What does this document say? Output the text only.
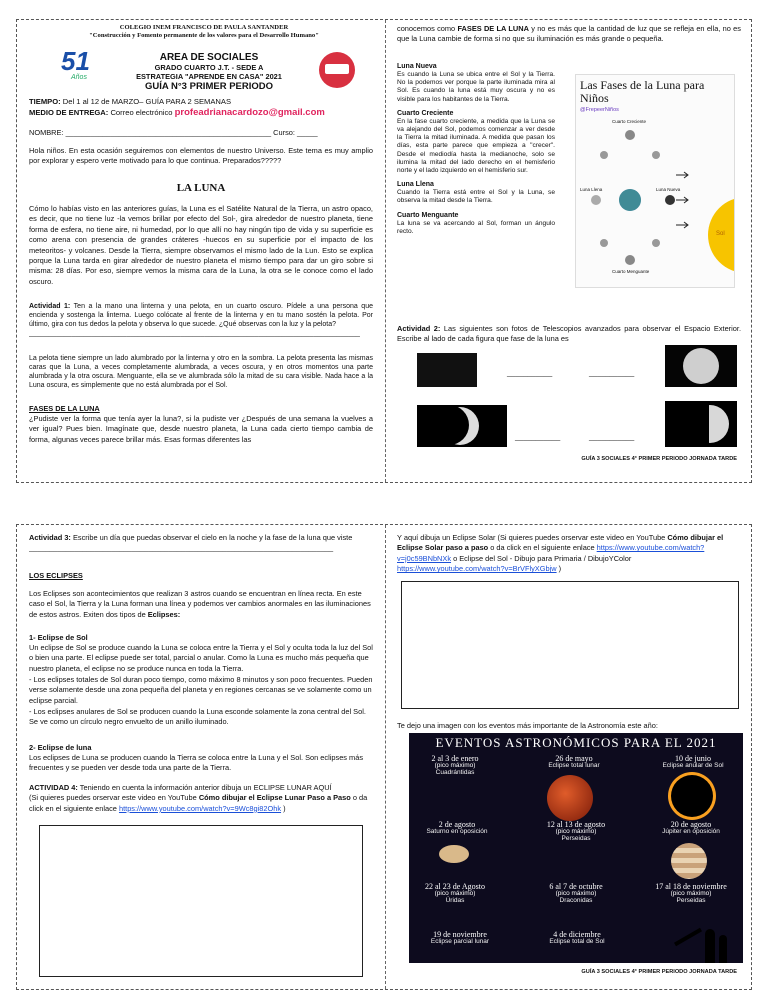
COLEGIO INEM FRANCISCO DE PAULA SANTANDER
"Construcción y Fomento permanente de los valores para el Desarrollo Humano"
51
Años
AREA DE SOCIALES
GRADO CUARTO J.T. - SEDE A
ESTRATEGIA "APRENDE EN CASA" 2021
GUÍA N°3 PRIMER PERIODO
TIEMPO: Del 1 al 12 de MARZO– GUÍA PARA 2 SEMANAS
MEDIO DE ENTREGA: Correo electrónico profeadrianacardozo@gmail.com
NOMBRE: __________________________________________________ Curso: _____

Hola niños. En esta ocasión seguiremos con elementos de nuestro Universo. Este tema es muy amplio por explorar y espero verte motivado para lo que continua. Preparados?????

LA LUNA

Cómo lo habías visto en las anteriores guías, la Luna es el Satélite Natural de la Tierra, un astro opaco, es decir, que no tiene luz -la vemos brillar por efecto del Sol-, gira alrededor de nuestro planeta, tiene forma de esfera, no tiene aire, ni humedad, por lo que allí no hay ningún tipo de vida y su superficie es como arena con presencia de grandes cráteres -huecos en su superficie por el impacto de los meteoritos- y volcanes. Desde la Tierra, siempre observamos el mismo lado de la Lun. Esto se explica porque la Luna tarda en girar alrededor de nuestro planeta el mismo tiempo para dar un giro sobre si misma: 28 días. Por eso, siempre vemos la misma cara de la Luna, la otra se le conoce como el lado oscuro.

Actividad 1: Ten a la mano una linterna y una pelota, en un cuarto oscuro. Pídele a una persona que encienda y sostenga la linterna. Luego colócate al frente de la linterna y en tu mano sostén la pelota. Por último, gira con tus dedos la pelota y observa lo que sucede. ¿Qué observas con la luz y la pelota?
_____________________________________________________________________________________

La pelota tiene siempre un lado alumbrado por la linterna y otro en la sombra. La pelota presenta las mismas caras que la Luna, a veces completamente alumbrada, a veces oscura, y en otros momentos una parte alumbrada y la otra oscura. Menguante, ella se ve alumbrada sólo la mitad de su cara visible. Nada hace a la Luna oscura, es simplemente que no está alumbrada por el Sol.

FASES DE LA LUNA

¿Pudiste ver la forma que tenía ayer la luna?, si la pudiste ver ¿Después de una semana la vuelves a ver igual? Pues bien. Imagínate que, desde nuestro planeta, la Luna cada cierto tiempo cambia de forma, algunas veces parece brillar más. Esas formas diferentes las

conocemos como FASES DE LA LUNA y no es más que la cantidad de luz que se refleja en ella, no es que la Luna cambie de forma si no que su iluminación es más grande o pequeña.

Luna Nueva

Es cuando la Luna se ubica entre el Sol y la Tierra. No la podemos ver porque la parte iluminada mira al Sol. Es cuando la luna está muy oscura y no es visible para los habitantes de la Tierra.

Cuarto Creciente

En la fase cuarto creciente, a medida que la Luna se va alejando del Sol, podemos comenzar a ver desde la Tierra la mitad iluminada. A medida que pasan los días, esta parte parece que empieza a "crecer". Desde el mediodía hasta la medianoche, solo se ilumina la mitad del lado derecho en el hemisferio norte y el lado izquierdo en el hemisferio sur.

Luna Llena

Cuando la Tierra está entre el Sol y la Luna, se observa la mitad desde la Tierra.

Cuarto Menguante

La luna se va acercando al Sol, forman un ángulo recto.

Las Fases de la Luna para Niños
@FrepeerNiños
Cuarto Creciente
Luna Llena	Luna Nueva
Cuarto Menguante
Sol
Actividad 2: Las siguientes son fotos de Telescopios avanzados para observar el Espacio Exterior. Escribe al lado de cada figura que fase de la luna es
___________	___________
___________	___________
GUÍA 3 SOCIALES 4° PRIMER PERIODO JORNADA TARDE
Actividad 3: Escribe un día que puedas observar el cielo en la noche y la fase de la luna que viste __________________________________________________________________________
LOS ECLIPSES

Los Eclipses son acontecimientos que realizan 3 astros cuando se encuentran en línea recta. En este caso el Sol, la Tierra y la Luna forman una línea y podemos ver cambios anormales en las iluminaciones de estos astros. Exiten dos tipos de Eclipses:

1- Eclipse de Sol

Un eclipse de Sol se produce cuando la Luna se coloca entre la Tierra y el Sol y oculta toda la luz del Sol o bien una parte. El eclipse puede ser total, parcial o anular. Como la Luna es mucho más pequeña que nuestro planeta, el eclipse no se produce nunca en toda la Tierra.

- Los eclipses totales de Sol duran poco tiempo, como máximo 8 minutos y son poco frecuentes. Pueden verse solamente desde una zona pequeña del planeta y en regiones cercanas se ve solamente como un eclipse parcial.

- Los eclipses anulares de Sol se producen cuando la Luna esconde solamente la zona central del Sol. Se ve como un círculo negro envuelto de un anillo iluminado.

2- Eclipse de luna

Los eclipses de Luna se producen cuando la Tierra se coloca entre la Luna y el Sol. Son eclipses más frecuentes y se pueden ver desde toda una parte de la Tierra.

ACTIVIDAD 4: Teniendo en cuenta la información anterior dibuja un ECLIPSE LUNAR AQUÍ
(Si quieres puedes orservar este video en YouTube Cómo dibujar el Eclipse Lunar Paso a Paso o da click en el siguiente enlace https://www.youtube.com/watch?v=9Wc8gi82Ohk )
Y aquí dibuja un Eclipse Solar (Si quieres puedes orservar este video en YouTube Cómo dibujar el Eclipse Solar paso a paso o da click en el siguiente enlace https://www.youtube.com/watch?v=j0c59BNbNXk o Eclipse del Sol - Dibujo para Primaria / DibujoYColor https://www.youtube.com/watch?v=BrVFlyXGbjw )
Te dejo una imagen con los eventos más importante de la Astronomía este año:
EVENTOS ASTRONÓMICOS PARA EL 2021
2 al 3 de enero
(pico máximo)
Cuadrántidas
26 de mayo
Eclipse total lunar
10 de junio
Eclipse anular de Sol
2 de agosto
Saturno en oposición
12 al 13 de agosto
(pico máximo)
Perseidas
20 de agosto
Júpiter en oposición
22 al 23 de Agosto
(pico máximo)
Úridas
6 al 7 de octubre
(pico máximo)
Draconidas
17 al 18 de noviembre
(pico máximo)
Perseidas
19 de noviembre
Eclipse parcial lunar
4 de diciembre
Eclipse total de Sol
GUÍA 3 SOCIALES 4° PRIMER PERIODO JORNADA TARDE
